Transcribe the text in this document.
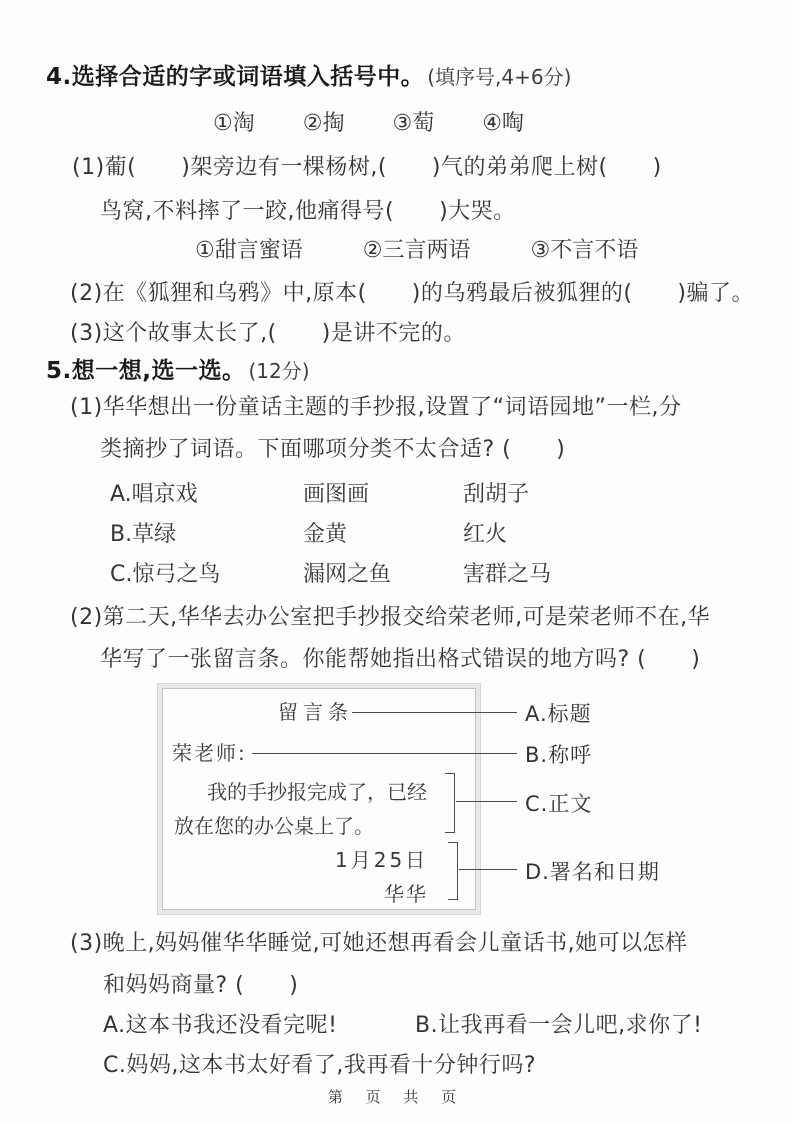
4.选择合适的字或词语填入括号中。 (填序号,4+6分)
①淘 ②掏 ③萄 ④啕
(1)葡(　　)架旁边有一棵杨树,(　　)气的弟弟爬上树(　　)
鸟窝,不料摔了一跤,他痛得号(　　)大哭。
①甜言蜜语	②三言两语	③不言不语
(2)在《狐狸和乌鸦》中,原本(　　)的乌鸦最后被狐狸的(　　)骗了。
(3)这个故事太长了,(　　)是讲不完的。
5.想一想,选一选。 (12分)
(1)华华想出一份童话主题的手抄报,设置了“词语园地”一栏,分
类摘抄了词语。下面哪项分类不太合适? (　　)
A.唱京戏	画图画	刮胡子
B.草绿	金黄	红火
C.惊弓之鸟	漏网之鱼	害群之马
(2)第二天,华华去办公室把手抄报交给荣老师,可是荣老师不在,华
华写了一张留言条。你能帮她指出格式错误的地方吗? (　　)
留言条	A.标题
荣老师:	B.称呼
我的手抄报完成了，已经
放在您的办公桌上了。
C.正文
1月25日
华华
D.署名和日期
(3)晚上,妈妈催华华睡觉,可她还想再看会儿童话书,她可以怎样
和妈妈商量? (　　)
A.这本书我还没看完呢!	B.让我再看一会儿吧,求你了!
C.妈妈,这本书太好看了,我再看十分钟行吗?
第 页 共 页
